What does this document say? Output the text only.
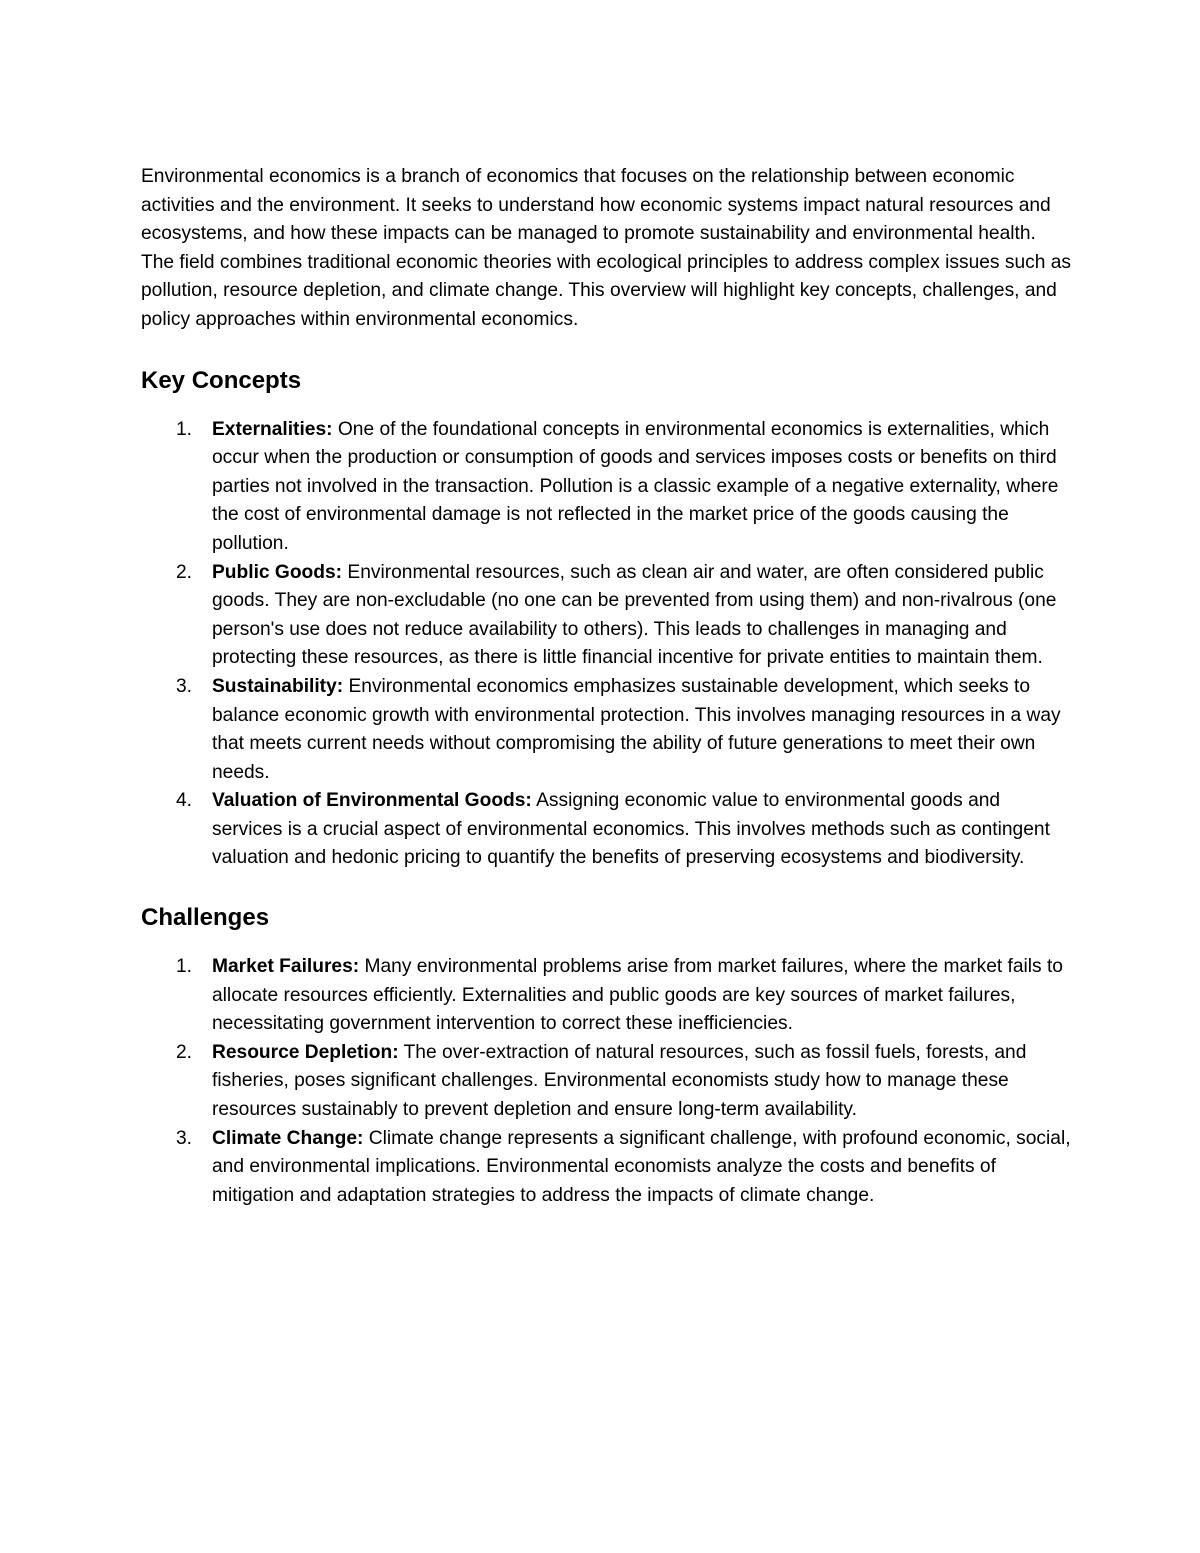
Environmental economics is a branch of economics that focuses on the relationship between economic activities and the environment. It seeks to understand how economic systems impact natural resources and ecosystems, and how these impacts can be managed to promote sustainability and environmental health. The field combines traditional economic theories with ecological principles to address complex issues such as pollution, resource depletion, and climate change. This overview will highlight key concepts, challenges, and policy approaches within environmental economics.

Key Concepts
1. Externalities: One of the foundational concepts in environmental economics is externalities, which occur when the production or consumption of goods and services imposes costs or benefits on third parties not involved in the transaction. Pollution is a classic example of a negative externality, where the cost of environmental damage is not reflected in the market price of the goods causing the pollution.
2. Public Goods: Environmental resources, such as clean air and water, are often considered public goods. They are non-excludable (no one can be prevented from using them) and non-rivalrous (one person's use does not reduce availability to others). This leads to challenges in managing and protecting these resources, as there is little financial incentive for private entities to maintain them.
3. Sustainability: Environmental economics emphasizes sustainable development, which seeks to balance economic growth with environmental protection. This involves managing resources in a way that meets current needs without compromising the ability of future generations to meet their own needs.
4. Valuation of Environmental Goods: Assigning economic value to environmental goods and services is a crucial aspect of environmental economics. This involves methods such as contingent valuation and hedonic pricing to quantify the benefits of preserving ecosystems and biodiversity.
Challenges
1. Market Failures: Many environmental problems arise from market failures, where the market fails to allocate resources efficiently. Externalities and public goods are key sources of market failures, necessitating government intervention to correct these inefficiencies.
2. Resource Depletion: The over-extraction of natural resources, such as fossil fuels, forests, and fisheries, poses significant challenges. Environmental economists study how to manage these resources sustainably to prevent depletion and ensure long-term availability.
3. Climate Change: Climate change represents a significant challenge, with profound economic, social, and environmental implications. Environmental economists analyze the costs and benefits of mitigation and adaptation strategies to address the impacts of climate change.
